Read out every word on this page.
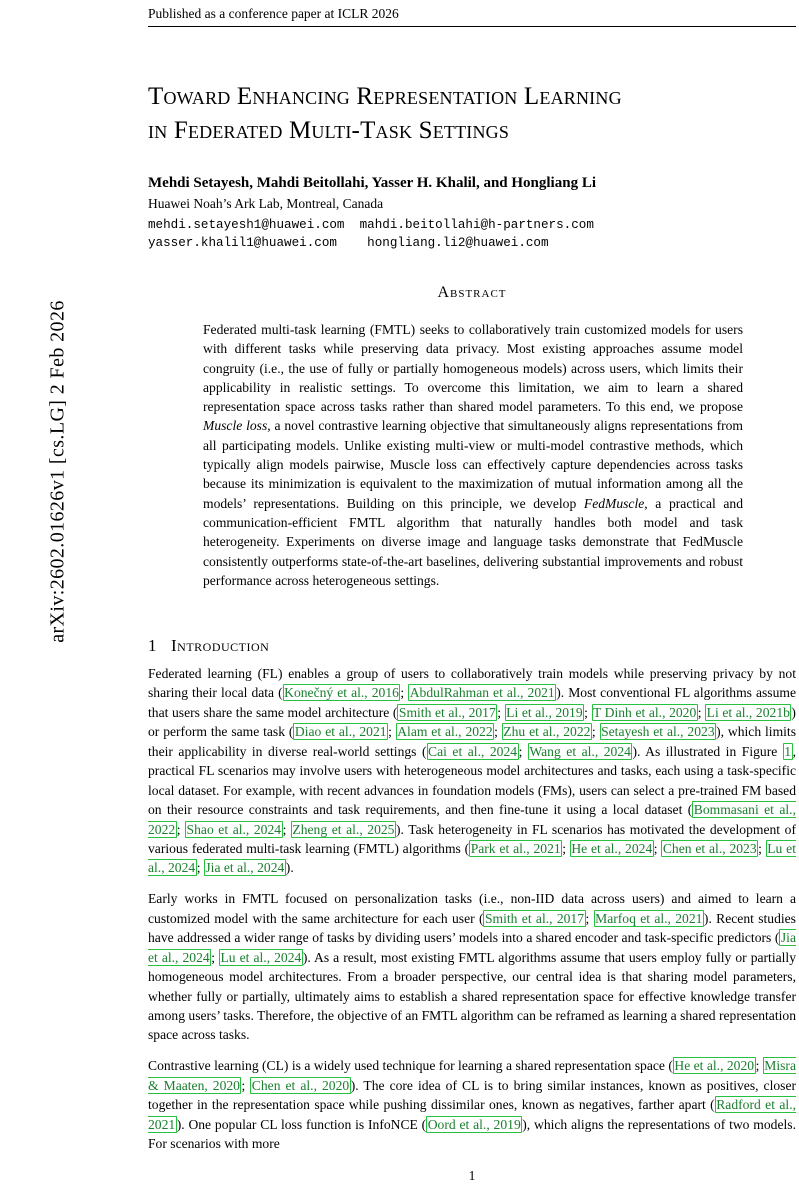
arXiv:2602.01626v1 [cs.LG] 2 Feb 2026
Published as a conference paper at ICLR 2026
Toward Enhancing Representation Learning
in Federated Multi-Task Settings
Mehdi Setayesh, Mahdi Beitollahi, Yasser H. Khalil, and Hongliang Li
Huawei Noah’s Ark Lab, Montreal, Canada
mehdi.setayesh1@huawei.com  mahdi.beitollahi@h-partners.com
yasser.khalil1@huawei.com    hongliang.li2@huawei.com
Abstract

Federated multi-task learning (FMTL) seeks to collaboratively train customized models for users with different tasks while preserving data privacy. Most existing approaches assume model congruity (i.e., the use of fully or partially homogeneous models) across users, which limits their applicability in realistic settings. To overcome this limitation, we aim to learn a shared representation space across tasks rather than shared model parameters. To this end, we propose Muscle loss, a novel contrastive learning objective that simultaneously aligns representations from all participating models. Unlike existing multi-view or multi-model contrastive methods, which typically align models pairwise, Muscle loss can effectively capture dependencies across tasks because its minimization is equivalent to the maximization of mutual information among all the models’ representations. Building on this principle, we develop FedMuscle, a practical and communication-efficient FMTL algorithm that naturally handles both model and task heterogeneity. Experiments on diverse image and language tasks demonstrate that FedMuscle consistently outperforms state-of-the-art baselines, delivering substantial improvements and robust performance across heterogeneous settings.

1 Introduction

Federated learning (FL) enables a group of users to collaboratively train models while preserving privacy by not sharing their local data ( Konečný et al., 2016 ; AbdulRahman et al., 2021 ). Most conventional FL algorithms assume that users share the same model architecture ( Smith et al., 2017 ; Li et al., 2019 ; T Dinh et al., 2020 ; Li et al., 2021b ) or perform the same task ( Diao et al., 2021 ; Alam et al., 2022 ; Zhu et al., 2022 ; Setayesh et al., 2023 ), which limits their applicability in diverse real-world settings ( Cai et al., 2024 ; Wang et al., 2024 ). As illustrated in Figure 1 , practical FL scenarios may involve users with heterogeneous model architectures and tasks, each using a task-specific local dataset. For example, with recent advances in foundation models (FMs), users can select a pre-trained FM based on their resource constraints and task requirements, and then fine-tune it using a local dataset ( Bommasani et al., 2022 ; Shao et al., 2024 ; Zheng et al., 2025 ). Task heterogeneity in FL scenarios has motivated the development of various federated multi-task learning (FMTL) algorithms ( Park et al., 2021 ; He et al., 2024 ; Chen et al., 2023 ; Lu et al., 2024 ; Jia et al., 2024 ).

Early works in FMTL focused on personalization tasks (i.e., non-IID data across users) and aimed to learn a customized model with the same architecture for each user ( Smith et al., 2017 ; Marfoq et al., 2021 ). Recent studies have addressed a wider range of tasks by dividing users’ models into a shared encoder and task-specific predictors ( Jia et al., 2024 ; Lu et al., 2024 ). As a result, most existing FMTL algorithms assume that users employ fully or partially homogeneous model architectures. From a broader perspective, our central idea is that sharing model parameters, whether fully or partially, ultimately aims to establish a shared representation space for effective knowledge transfer among users’ tasks. Therefore, the objective of an FMTL algorithm can be reframed as learning a shared representation space across tasks.

Contrastive learning (CL) is a widely used technique for learning a shared representation space ( He et al., 2020 ; Misra & Maaten, 2020 ; Chen et al., 2020 ). The core idea of CL is to bring similar instances, known as positives, closer together in the representation space while pushing dissimilar ones, known as negatives, farther apart ( Radford et al., 2021 ). One popular CL loss function is InfoNCE ( Oord et al., 2019 ), which aligns the representations of two models. For scenarios with more

1
